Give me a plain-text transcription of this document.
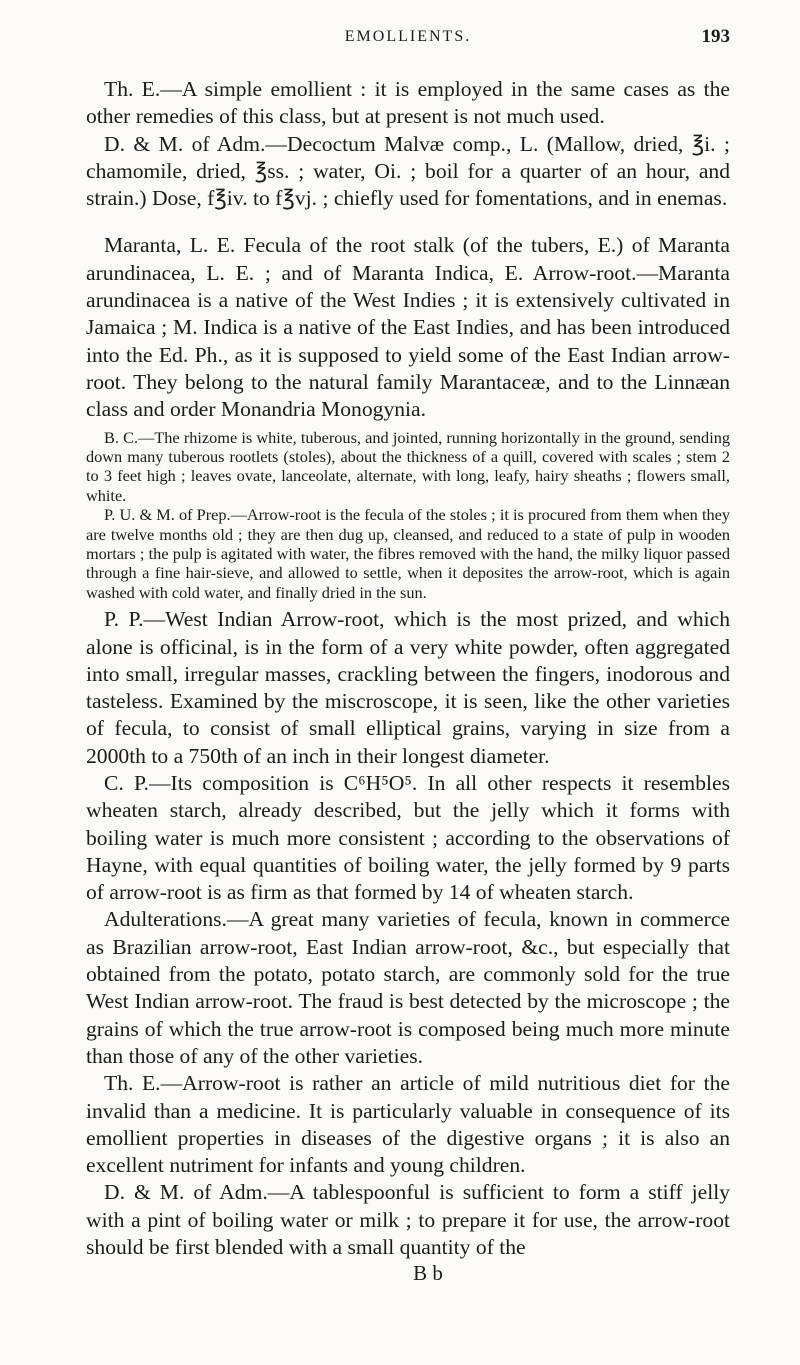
EMOLLIENTS.	193

Th. E.—A simple emollient : it is employed in the same cases as the other remedies of this class, but at present is not much used.

D. & M. of Adm.—Decoctum Malvæ comp., L. (Mallow, dried, ℥i. ; chamomile, dried, ℥ss. ; water, Oi. ; boil for a quarter of an hour, and strain.) Dose, f℥iv. to f℥vj. ; chiefly used for fomentations, and in enemas.

Maranta, L. E. Fecula of the root stalk (of the tubers, E.) of Maranta arundinacea, L. E. ; and of Maranta Indica, E. Arrow-root.—Maranta arundinacea is a native of the West Indies ; it is extensively cultivated in Jamaica ; M. Indica is a native of the East Indies, and has been introduced into the Ed. Ph., as it is supposed to yield some of the East Indian arrow-root. They belong to the natural family Marantaceæ, and to the Linnæan class and order Monandria Monogynia.

B. C.—The rhizome is white, tuberous, and jointed, running horizontally in the ground, sending down many tuberous rootlets (stoles), about the thickness of a quill, covered with scales ; stem 2 to 3 feet high ; leaves ovate, lanceolate, alternate, with long, leafy, hairy sheaths ; flowers small, white.

P. U. & M. of Prep.—Arrow-root is the fecula of the stoles ; it is procured from them when they are twelve months old ; they are then dug up, cleansed, and reduced to a state of pulp in wooden mortars ; the pulp is agitated with water, the fibres removed with the hand, the milky liquor passed through a fine hair-sieve, and allowed to settle, when it deposites the arrow-root, which is again washed with cold water, and finally dried in the sun.

P. P.—West Indian Arrow-root, which is the most prized, and which alone is officinal, is in the form of a very white powder, often aggregated into small, irregular masses, crackling between the fingers, inodorous and tasteless. Examined by the miscroscope, it is seen, like the other varieties of fecula, to consist of small elliptical grains, varying in size from a 2000th to a 750th of an inch in their longest diameter.

C. P.—Its composition is C⁶H⁵O⁵. In all other respects it resembles wheaten starch, already described, but the jelly which it forms with boiling water is much more consistent ; according to the observations of Hayne, with equal quantities of boiling water, the jelly formed by 9 parts of arrow-root is as firm as that formed by 14 of wheaten starch.

Adulterations.—A great many varieties of fecula, known in commerce as Brazilian arrow-root, East Indian arrow-root, &c., but especially that obtained from the potato, potato starch, are commonly sold for the true West Indian arrow-root. The fraud is best detected by the microscope ; the grains of which the true arrow-root is composed being much more minute than those of any of the other varieties.

Th. E.—Arrow-root is rather an article of mild nutritious diet for the invalid than a medicine. It is particularly valuable in consequence of its emollient properties in diseases of the digestive organs ; it is also an excellent nutriment for infants and young children.

D. & M. of Adm.—A tablespoonful is sufficient to form a stiff jelly with a pint of boiling water or milk ; to prepare it for use, the arrow-root should be first blended with a small quantity of the

B b
